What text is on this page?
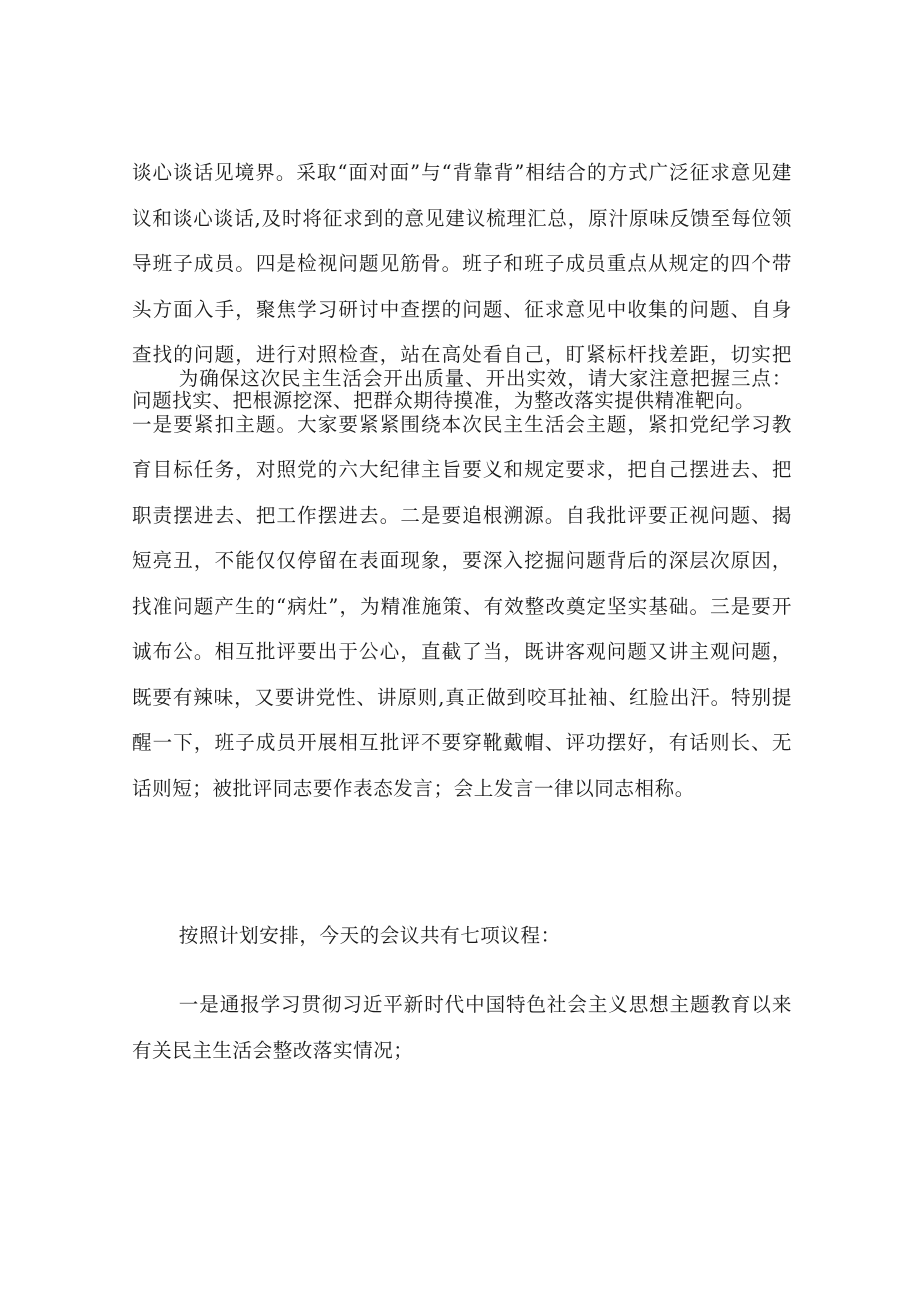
谈心谈话见境界。采取“面对面”与“背靠背”相结合的方式广泛征求意见建议和谈心谈话,及时将征求到的意见建议梳理汇总，原汁原味反馈至每位领导班子成员。四是检视问题见筋骨。班子和班子成员重点从规定的四个带头方面入手，聚焦学习研讨中查摆的问题、征求意见中收集的问题、自身查找的问题，进行对照检查，站在高处看自己，盯紧标杆找差距，切实把问题找实、把根源挖深、把群众期待摸准，为整改落实提供精准靶向。

为确保这次民主生活会开出质量、开出实效，请大家注意把握三点：一是要紧扣主题。大家要紧紧围绕本次民主生活会主题，紧扣党纪学习教育目标任务，对照党的六大纪律主旨要义和规定要求，把自己摆进去、把职责摆进去、把工作摆进去。二是要追根溯源。自我批评要正视问题、揭短亮丑，不能仅仅停留在表面现象，要深入挖掘问题背后的深层次原因，找准问题产生的“病灶”，为精准施策、有效整改奠定坚实基础。三是要开诚布公。相互批评要出于公心，直截了当，既讲客观问题又讲主观问题，既要有辣味，又要讲党性、讲原则,真正做到咬耳扯袖、红脸出汗。特别提醒一下，班子成员开展相互批评不要穿靴戴帽、评功摆好，有话则长、无话则短；被批评同志要作表态发言；会上发言一律以同志相称。

按照计划安排，今天的会议共有七项议程：

一是通报学习贯彻习近平新时代中国特色社会主义思想主题教育以来有关民主生活会整改落实情况；
